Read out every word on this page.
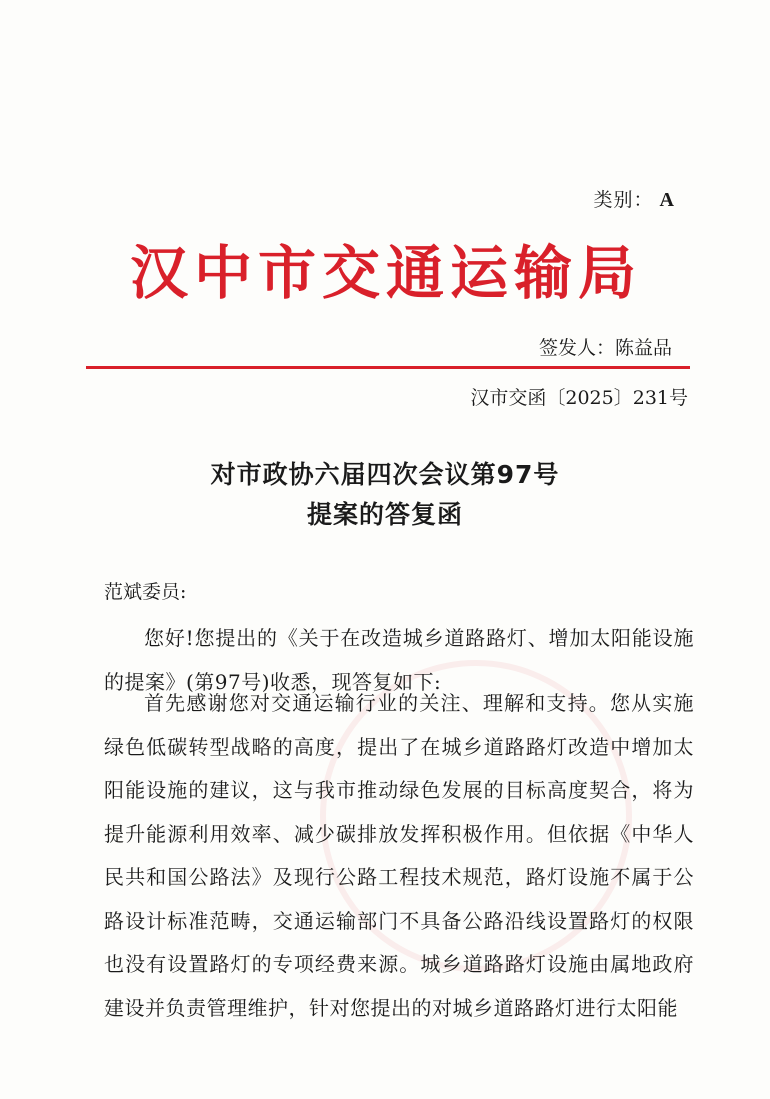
类别： A
汉中市交通运输局
签发人：陈益品
汉市交函〔2025〕231号
对市政协六届四次会议第97号
提案的答复函
范斌委员:
您好!您提出的《关于在改造城乡道路路灯、增加太阳能设施的提案》(第97号)收悉，现答复如下:
首先感谢您对交通运输行业的关注、理解和支持。您从实施绿色低碳转型战略的高度，提出了在城乡道路路灯改造中增加太阳能设施的建议，这与我市推动绿色发展的目标高度契合，将为提升能源利用效率、减少碳排放发挥积极作用。但依据《中华人民共和国公路法》及现行公路工程技术规范，路灯设施不属于公路设计标准范畴，交通运输部门不具备公路沿线设置路灯的权限也没有设置路灯的专项经费来源。城乡道路路灯设施由属地政府建设并负责管理维护，针对您提出的对城乡道路路灯进行太阳能
